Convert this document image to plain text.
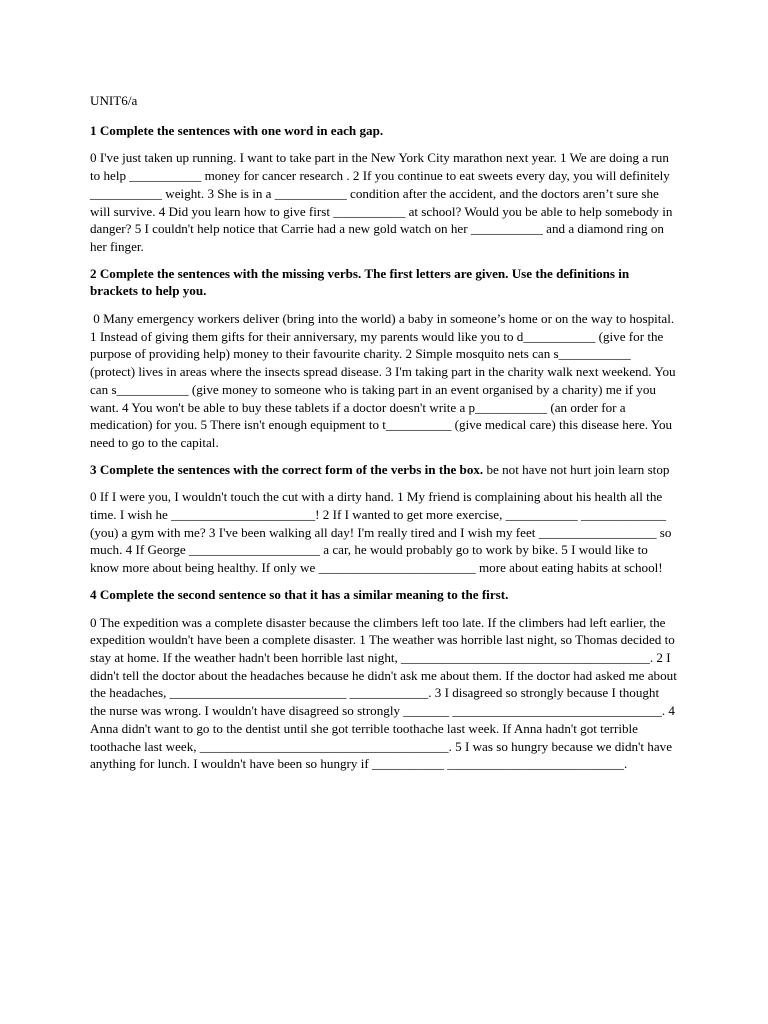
UNIT6/a
1 Complete the sentences with one word in each gap.
0 I've just taken up running. I want to take part in the New York City marathon next year. 1 We are doing a run to help ___________ money for cancer research . 2 If you continue to eat sweets every day, you will definitely ___________ weight. 3 She is in a ___________ condition after the accident, and the doctors aren’t sure she will survive. 4 Did you learn how to give first ___________ at school? Would you be able to help somebody in danger? 5 I couldn't help notice that Carrie had a new gold watch on her ___________ and a diamond ring on her finger.
2 Complete the sentences with the missing verbs. The first letters are given. Use the definitions in brackets to help you.
0 Many emergency workers deliver (bring into the world) a baby in someone’s home or on the way to hospital. 1 Instead of giving them gifts for their anniversary, my parents would like you to d___________ (give for the purpose of providing help) money to their favourite charity. 2 Simple mosquito nets can s___________ (protect) lives in areas where the insects spread disease. 3 I'm taking part in the charity walk next weekend. You can s___________ (give money to someone who is taking part in an event organised by a charity) me if you want. 4 You won't be able to buy these tablets if a doctor doesn't write a p___________ (an order for a medication) for you. 5 There isn't enough equipment to t__________ (give medical care) this disease here. You need to go to the capital.
3 Complete the sentences with the correct form of the verbs in the box. be not have not hurt join learn stop
0 If I were you, I wouldn't touch the cut with a dirty hand. 1 My friend is complaining about his health all the time. I wish he ______________________! 2 If I wanted to get more exercise, ___________ _____________ (you) a gym with me? 3 I've been walking all day! I'm really tired and I wish my feet __________________ so much. 4 If George ____________________ a car, he would probably go to work by bike. 5 I would like to know more about being healthy. If only we ________________________ more about eating habits at school!
4 Complete the second sentence so that it has a similar meaning to the first.
0 The expedition was a complete disaster because the climbers left too late. If the climbers had left earlier, the expedition wouldn't have been a complete disaster. 1 The weather was horrible last night, so Thomas decided to stay at home. If the weather hadn't been horrible last night, ______________________________________. 2 I didn't tell the doctor about the headaches because he didn't ask me about them. If the doctor had asked me about the headaches, ___________________________ ____________. 3 I disagreed so strongly because I thought the nurse was wrong. I wouldn't have disagreed so strongly _______ ________________________________. 4 Anna didn't want to go to the dentist until she got terrible toothache last week. If Anna hadn't got terrible toothache last week, ______________________________________. 5 I was so hungry because we didn't have anything for lunch. I wouldn't have been so hungry if ___________ ___________________________.
